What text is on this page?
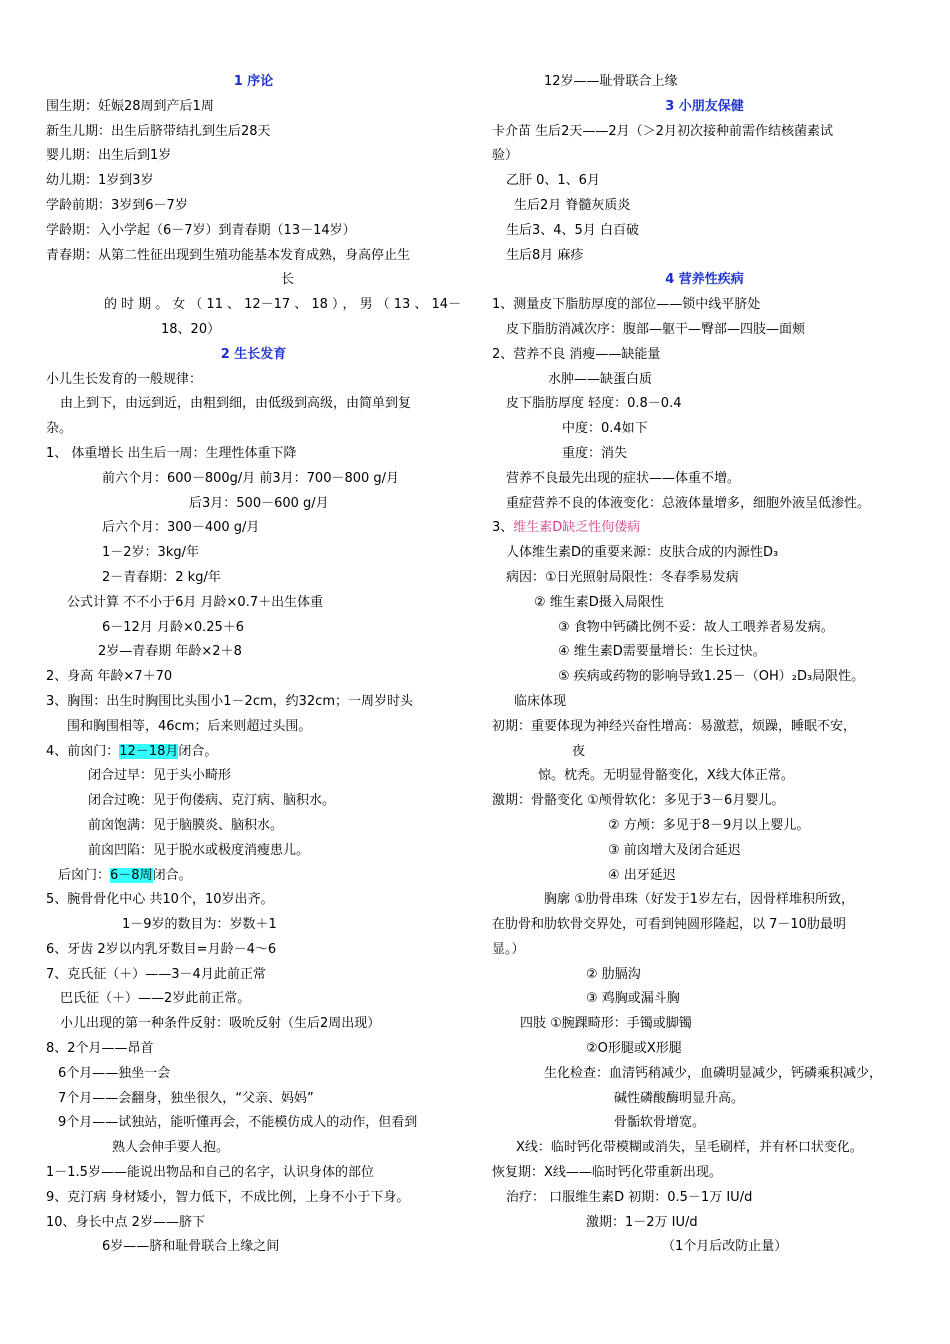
1 序论
围生期：妊娠28周到产后1周
新生儿期：出生后脐带结扎到生后28天
婴儿期：出生后到1岁
幼儿期：1岁到3岁
学龄前期：3岁到6－7岁
学龄期：入小学起（6－7岁）到青春期（13－14岁）
青春期：从第二性征出现到生殖功能基本发育成熟，身高停止生
长
的时期。女（11、12－17、18），男（13、14－
18、20）
2 生长发育
小儿生长发育的一般规律：
由上到下，由远到近，由粗到细，由低级到高级，由简单到复
杂。
1、 体重增长 出生后一周：生理性体重下降
前六个月：600－800g/月 前3月：700－800 g/月
后3月：500－600 g/月
后六个月：300－400 g/月
1－2岁：3kg/年
2－青春期：2 kg/年
公式计算 不不小于6月 月龄×0.7＋出生体重
6－12月 月龄×0.25＋6
2岁—青春期 年龄×2＋8
2、身高 年龄×7＋70
3、胸围：出生时胸围比头围小1－2cm，约32cm；一周岁时头
围和胸围相等，46cm；后来则超过头围。
4、前囟门：12－18月闭合。
闭合过早：见于头小畸形
闭合过晚：见于佝偻病、克汀病、脑积水。
前囟饱满：见于脑膜炎、脑积水。
前囟凹陷：见于脱水或极度消瘦患儿。
后囟门：6－8周闭合。
5、腕骨骨化中心 共10个，10岁出齐。
1－9岁的数目为：岁数＋1
6、牙齿 2岁以内乳牙数目=月龄－4～6
7、克氏征（＋）——3－4月此前正常
巴氏征（＋）——2岁此前正常。
小儿出现的第一种条件反射：吸吮反射（生后2周出现）
8、2个月——昂首
6个月——独坐一会
7个月——会翻身，独坐很久，“父亲、妈妈”
9个月——试独站，能听懂再会，不能模仿成人的动作，但看到
熟人会伸手要人抱。
1－1.5岁——能说出物品和自己的名字，认识身体的部位
9、克汀病 身材矮小，智力低下，不成比例，上身不小于下身。
10、身长中点 2岁——脐下
6岁——脐和耻骨联合上缘之间
12岁——耻骨联合上缘
3 小朋友保健
卡介苗 生后2天——2月（＞2月初次接种前需作结核菌素试
验）
乙肝 0、1、6月
生后2月 脊髓灰质炎
生后3、4、5月 白百破
生后8月 麻疹
4 营养性疾病
1、测量皮下脂肪厚度的部位——锁中线平脐处
皮下脂肪消减次序：腹部—躯干—臀部—四肢—面颊
2、营养不良 消瘦——缺能量
水肿——缺蛋白质
皮下脂肪厚度 轻度：0.8－0.4
中度：0.4如下
重度：消失
营养不良最先出现的症状——体重不增。
重症营养不良的体液变化：总液体量增多，细胞外液呈低渗性。
3、维生素D缺乏性佝偻病
人体维生素D的重要来源：皮肤合成的内源性D₃
病因：①日光照射局限性：冬春季易发病
② 维生素D摄入局限性
③ 食物中钙磷比例不妥：故人工喂养者易发病。
④ 维生素D需要量增长：生长过快。
⑤ 疾病或药物的影响导致1.25－（OH）₂D₃局限性。
临床体现
初期：重要体现为神经兴奋性增高：易激惹，烦躁，睡眠不安，
夜
惊。枕秃。无明显骨骼变化，X线大体正常。
激期：骨骼变化 ①颅骨软化：多见于3－6月婴儿。
② 方颅：多见于8－9月以上婴儿。
③ 前囟增大及闭合延迟
④ 出牙延迟
胸廓 ①肋骨串珠（好发于1岁左右，因骨样堆积所致，
在肋骨和肋软骨交界处，可看到钝圆形隆起，以 7－10肋最明
显。）
② 肋膈沟
③ 鸡胸或漏斗胸
四肢 ①腕踝畸形：手镯或脚镯
②O形腿或X形腿
生化检查：血清钙稍减少，血磷明显减少，钙磷乘积减少，
碱性磷酸酶明显升高。
骨骺软骨增宽。
X线：临时钙化带模糊或消失，呈毛刷样，并有杯口状变化。
恢复期：X线——临时钙化带重新出现。
治疗： 口服维生素D 初期：0.5－1万 IU/d
激期：1－2万 IU/d
（1个月后改防止量）
